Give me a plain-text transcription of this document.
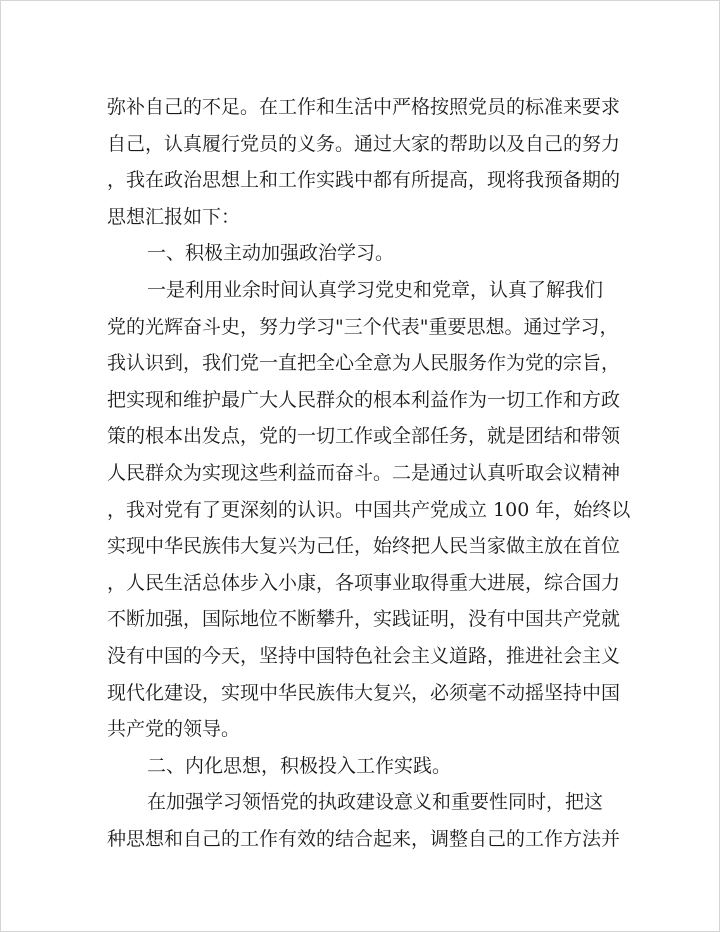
弥补自己的不足。在工作和生活中严格按照党员的标准来要求
自己，认真履行党员的义务。通过大家的帮助以及自己的努力
，我在政治思想上和工作实践中都有所提高，现将我预备期的
思想汇报如下：
一、积极主动加强政治学习。
一是利用业余时间认真学习党史和党章，认真了解我们
党的光辉奋斗史，努力学习"三个代表"重要思想。通过学习，
我认识到，我们党一直把全心全意为人民服务作为党的宗旨，
把实现和维护最广大人民群众的根本利益作为一切工作和方政
策的根本出发点，党的一切工作或全部任务，就是团结和带领
人民群众为实现这些利益而奋斗。二是通过认真听取会议精神
，我对党有了更深刻的认识。中国共产党成立 100 年，始终以
实现中华民族伟大复兴为己任，始终把人民当家做主放在首位
，人民生活总体步入小康，各项事业取得重大进展，综合国力
不断加强，国际地位不断攀升，实践证明，没有中国共产党就
没有中国的今天，坚持中国特色社会主义道路，推进社会主义
现代化建设，实现中华民族伟大复兴，必须毫不动摇坚持中国
共产党的领导。
二、内化思想，积极投入工作实践。
在加强学习领悟党的执政建设意义和重要性同时，把这
种思想和自己的工作有效的结合起来，调整自己的工作方法并
